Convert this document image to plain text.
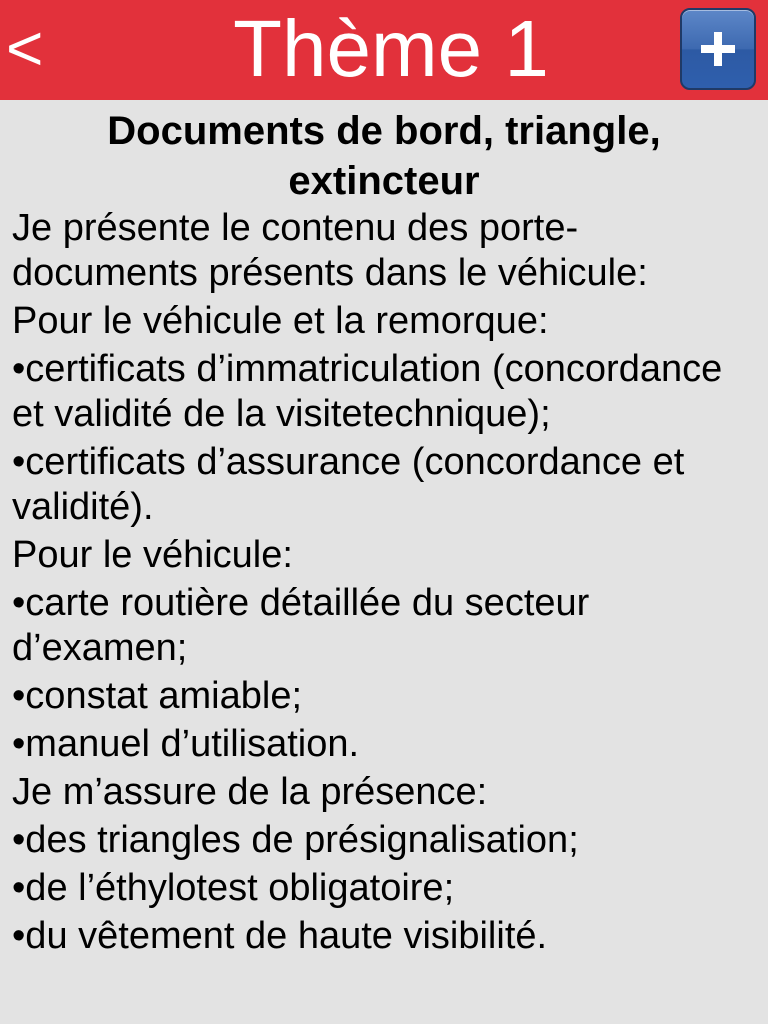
<	Thème 1
Documents de bord, triangle, extincteur
Je présente le contenu des porte-documents présents dans le véhicule:
Pour le véhicule et la remorque:
•certificats d’immatriculation (concordance et validité de la visitetechnique);
•certificats d’assurance (concordance et validité).
Pour le véhicule:
•carte routière détaillée du secteur d’examen;
•constat amiable;
•manuel d’utilisation.
Je m’assure de la présence:
•des triangles de présignalisation;
•de l’éthylotest obligatoire;
•du vêtement de haute visibilité.
